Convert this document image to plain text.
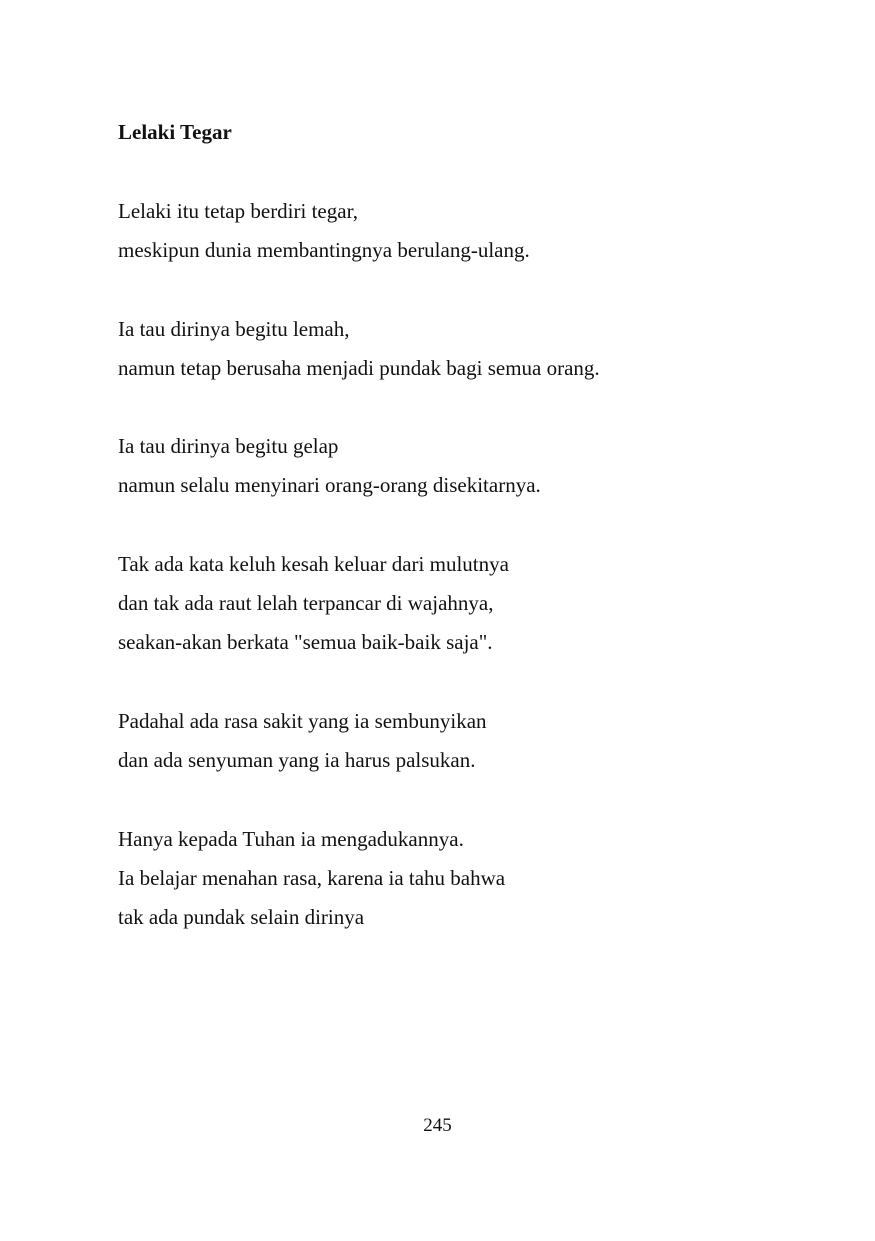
Lelaki Tegar

Lelaki itu tetap berdiri tegar,
meskipun dunia membantingnya berulang-ulang.

Ia tau dirinya begitu lemah,
namun tetap berusaha menjadi pundak bagi semua orang.

Ia tau dirinya begitu gelap
namun selalu menyinari orang-orang disekitarnya.

Tak ada kata keluh kesah keluar dari mulutnya
dan tak ada raut lelah terpancar di wajahnya,
seakan-akan berkata "semua baik-baik saja".

Padahal ada rasa sakit yang ia sembunyikan
dan ada senyuman yang ia harus palsukan.

Hanya kepada Tuhan ia mengadukannya.
Ia belajar menahan rasa, karena ia tahu bahwa
tak ada pundak selain dirinya

245
